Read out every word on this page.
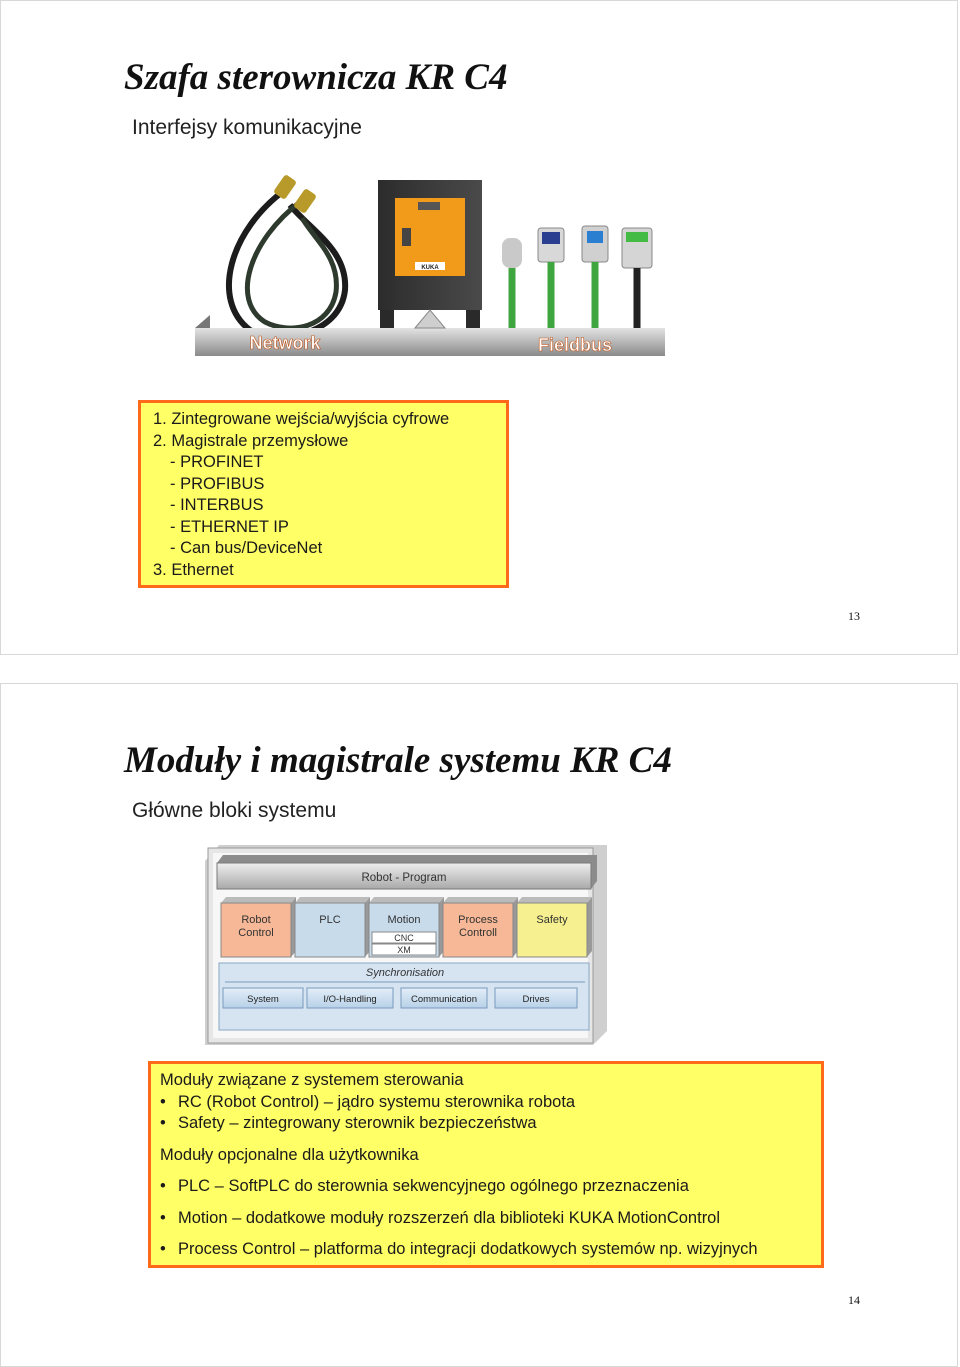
Szafa sterownicza KR C4

Interfejsy komunikacyjne

KUKA
Network	Fieldbus
1. Zintegrowane wejścia/wyjścia cyfrowe
2. Magistrale przemysłowe
- PROFINET
- PROFIBUS
- INTERBUS
- ETHERNET IP
- Can bus/DeviceNet
3. Ethernet
13
Moduły i magistrale systemu KR C4

Główne bloki systemu

Robot - Program
Robot
Control
PLC	Motion
CNC
XM
Process
Controll
Safety
Synchronisation
System	I/O-Handling	Communication	Drives
Moduły związane z systemem sterowania
• RC (Robot Control) – jądro systemu sterownika robota
• Safety – zintegrowany sterownik bezpieczeństwa
Moduły opcjonalne dla użytkownika
• PLC – SoftPLC do sterownia sekwencyjnego ogólnego przeznaczenia
• Motion – dodatkowe moduły rozszerzeń dla biblioteki KUKA MotionControl
• Process Control – platforma do integracji dodatkowych systemów np. wizyjnych
14
